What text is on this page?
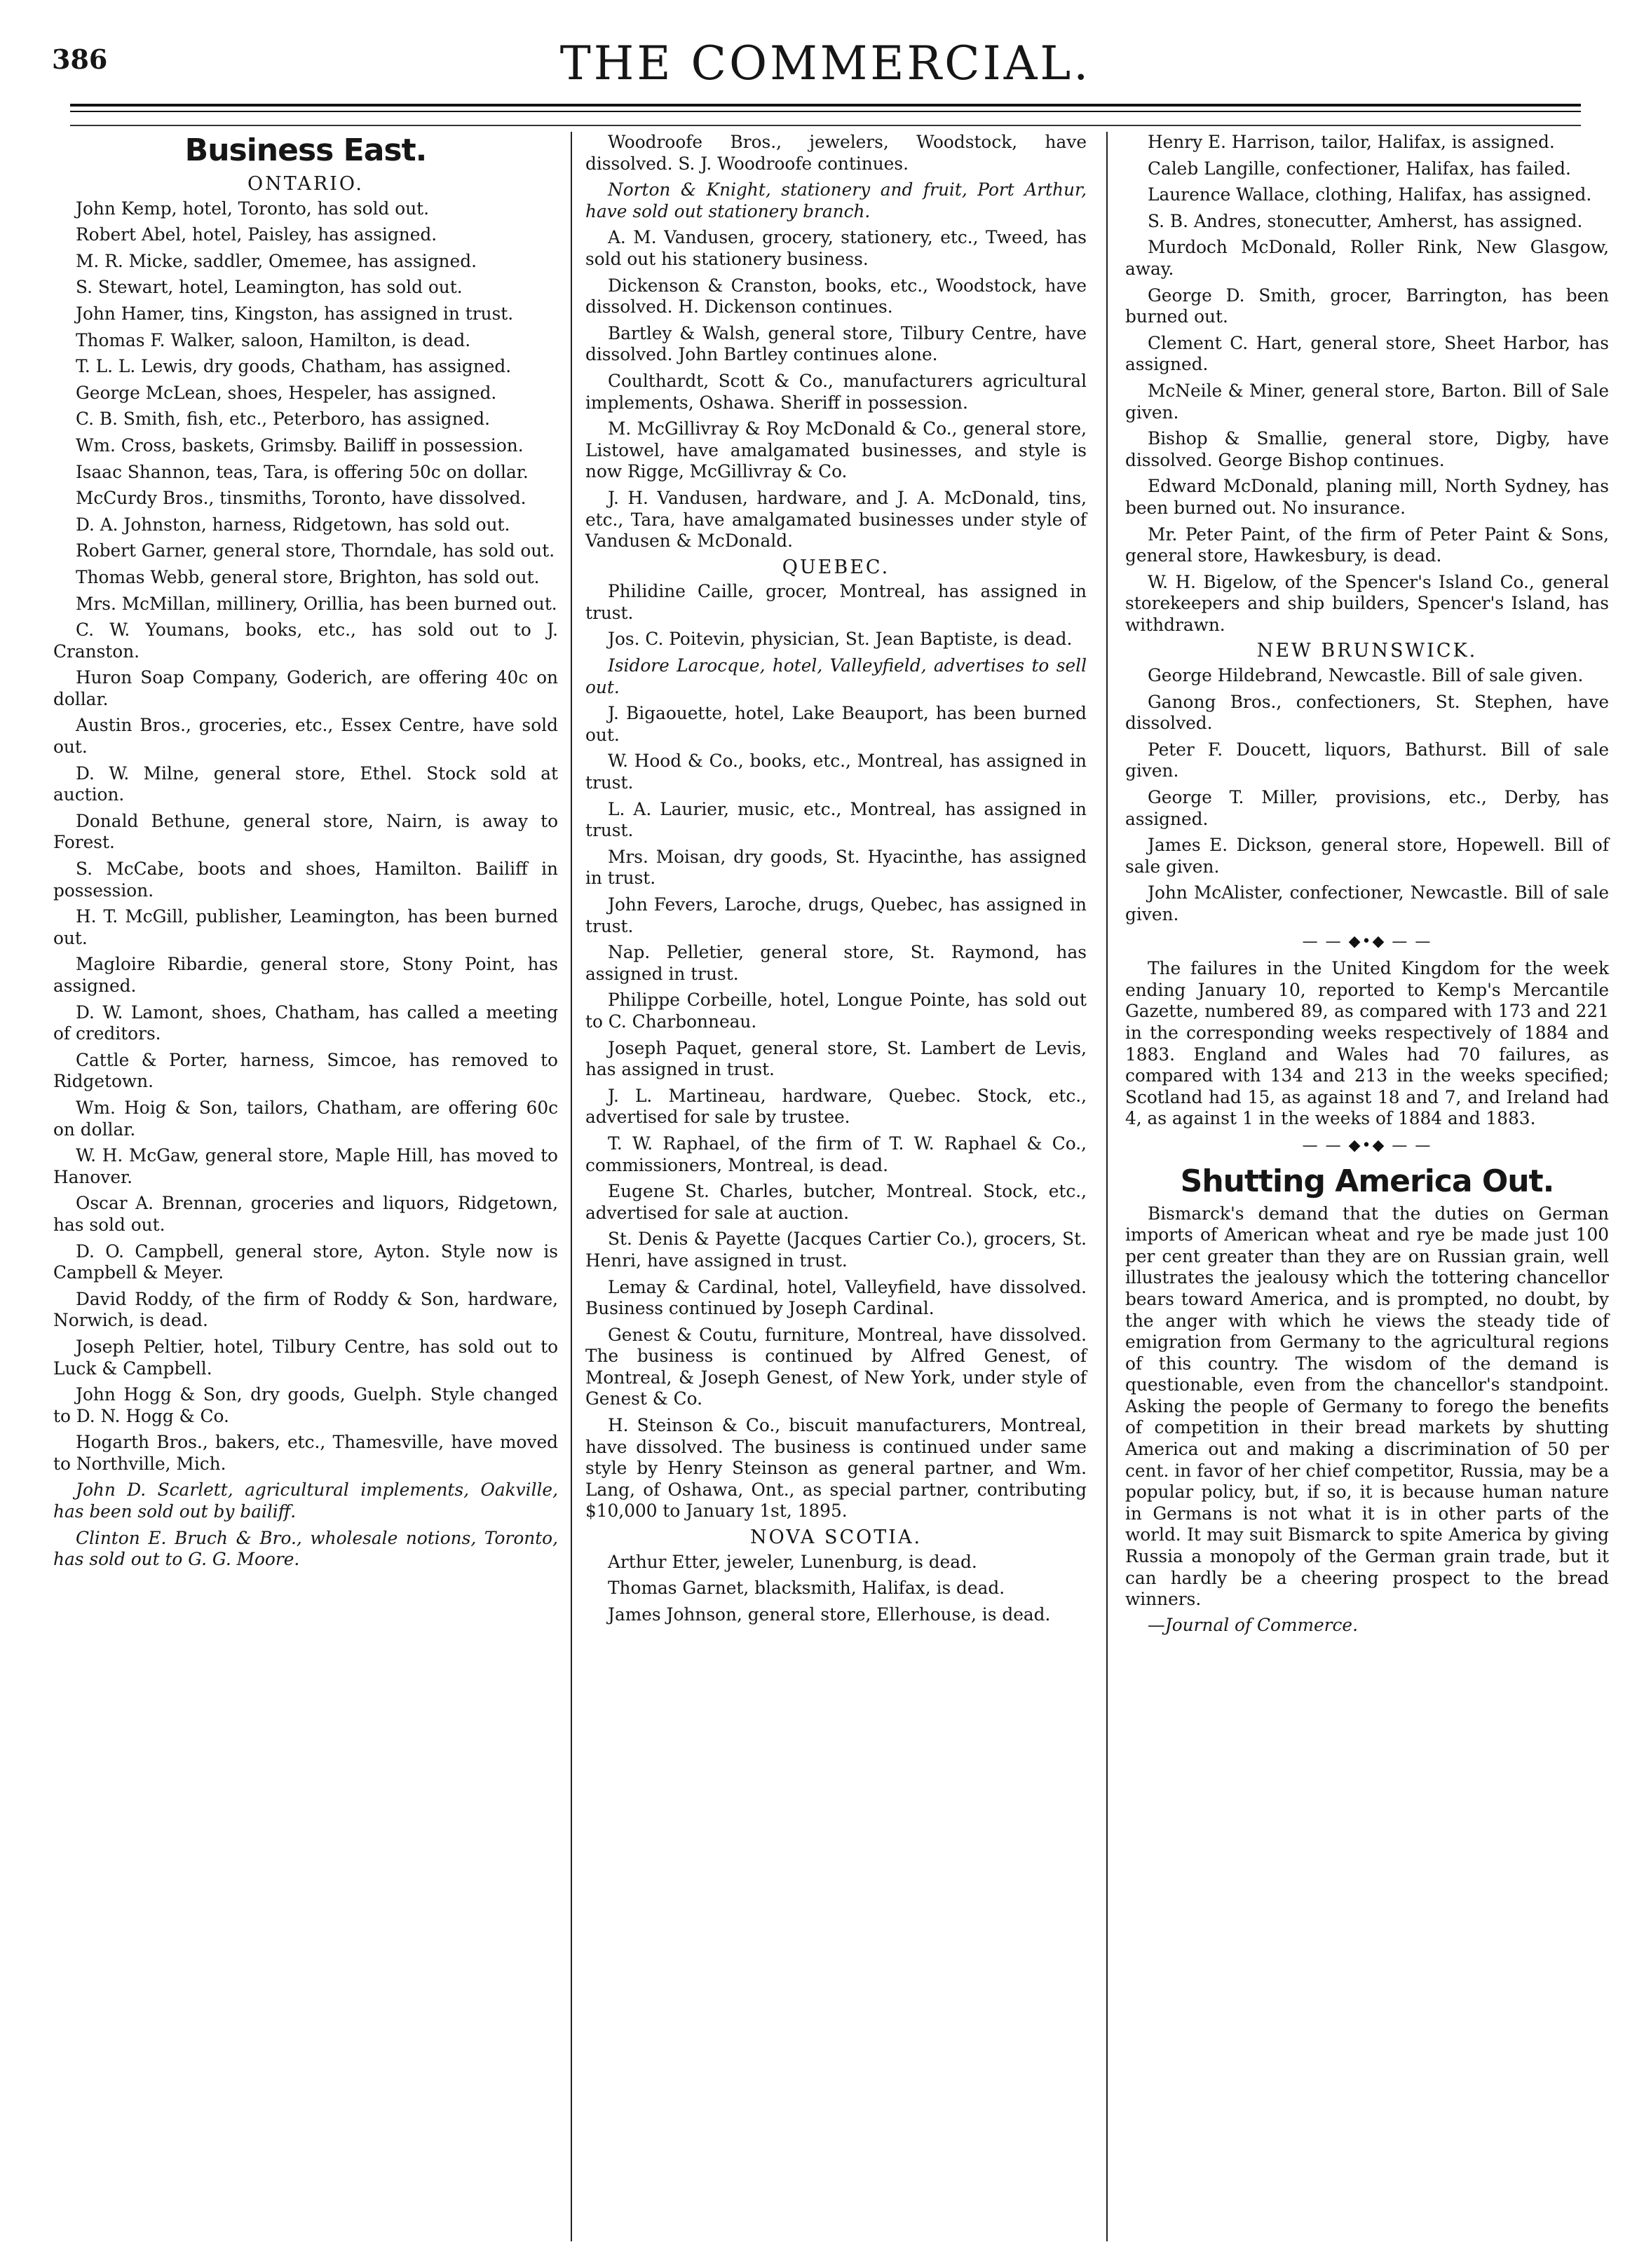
386	THE COMMERCIAL.
Business East.
ONTARIO.

John Kemp, hotel, Toronto, has sold out.

Robert Abel, hotel, Paisley, has assigned.

M. R. Micke, saddler, Omemee, has assigned.

S. Stewart, hotel, Leamington, has sold out.

John Hamer, tins, Kingston, has assigned in trust.

Thomas F. Walker, saloon, Hamilton, is dead.

T. L. L. Lewis, dry goods, Chatham, has assigned.

George McLean, shoes, Hespeler, has assigned.

C. B. Smith, fish, etc., Peterboro, has assigned.

Wm. Cross, baskets, Grimsby. Bailiff in possession.

Isaac Shannon, teas, Tara, is offering 50c on dollar.

McCurdy Bros., tinsmiths, Toronto, have dissolved.

D. A. Johnston, harness, Ridgetown, has sold out.

Robert Garner, general store, Thorndale, has sold out.

Thomas Webb, general store, Brighton, has sold out.

Mrs. McMillan, millinery, Orillia, has been burned out.

C. W. Youmans, books, etc., has sold out to J. Cranston.

Huron Soap Company, Goderich, are offering 40c on dollar.

Austin Bros., groceries, etc., Essex Centre, have sold out.

D. W. Milne, general store, Ethel. Stock sold at auction.

Donald Bethune, general store, Nairn, is away to Forest.

S. McCabe, boots and shoes, Hamilton. Bailiff in possession.

H. T. McGill, publisher, Leamington, has been burned out.

Magloire Ribardie, general store, Stony Point, has assigned.

D. W. Lamont, shoes, Chatham, has called a meeting of creditors.

Cattle & Porter, harness, Simcoe, has removed to Ridgetown.

Wm. Hoig & Son, tailors, Chatham, are offering 60c on dollar.

W. H. McGaw, general store, Maple Hill, has moved to Hanover.

Oscar A. Brennan, groceries and liquors, Ridgetown, has sold out.

D. O. Campbell, general store, Ayton. Style now is Campbell & Meyer.

David Roddy, of the firm of Roddy & Son, hardware, Norwich, is dead.

Joseph Peltier, hotel, Tilbury Centre, has sold out to Luck & Campbell.

John Hogg & Son, dry goods, Guelph. Style changed to D. N. Hogg & Co.

Hogarth Bros., bakers, etc., Thamesville, have moved to Northville, Mich.

John D. Scarlett, agricultural implements, Oakville, has been sold out by bailiff.

Clinton E. Bruch & Bro., wholesale notions, Toronto, has sold out to G. G. Moore.

Woodroofe Bros., jewelers, Woodstock, have dissolved. S. J. Woodroofe continues.

Norton & Knight, stationery and fruit, Port Arthur, have sold out stationery branch.

A. M. Vandusen, grocery, stationery, etc., Tweed, has sold out his stationery business.

Dickenson & Cranston, books, etc., Woodstock, have dissolved. H. Dickenson continues.

Bartley & Walsh, general store, Tilbury Centre, have dissolved. John Bartley continues alone.

Coulthardt, Scott & Co., manufacturers agricultural implements, Oshawa. Sheriff in possession.

M. McGillivray & Roy McDonald & Co., general store, Listowel, have amalgamated businesses, and style is now Rigge, McGillivray & Co.

J. H. Vandusen, hardware, and J. A. McDonald, tins, etc., Tara, have amalgamated businesses under style of Vandusen & McDonald.

QUEBEC.

Philidine Caille, grocer, Montreal, has assigned in trust.

Jos. C. Poitevin, physician, St. Jean Baptiste, is dead.

Isidore Larocque, hotel, Valleyfield, advertises to sell out.

J. Bigaouette, hotel, Lake Beauport, has been burned out.

W. Hood & Co., books, etc., Montreal, has assigned in trust.

L. A. Laurier, music, etc., Montreal, has assigned in trust.

Mrs. Moisan, dry goods, St. Hyacinthe, has assigned in trust.

John Fevers, Laroche, drugs, Quebec, has assigned in trust.

Nap. Pelletier, general store, St. Raymond, has assigned in trust.

Philippe Corbeille, hotel, Longue Pointe, has sold out to C. Charbonneau.

Joseph Paquet, general store, St. Lambert de Levis, has assigned in trust.

J. L. Martineau, hardware, Quebec. Stock, etc., advertised for sale by trustee.

T. W. Raphael, of the firm of T. W. Raphael & Co., commissioners, Montreal, is dead.

Eugene St. Charles, butcher, Montreal. Stock, etc., advertised for sale at auction.

St. Denis & Payette (Jacques Cartier Co.), grocers, St. Henri, have assigned in trust.

Lemay & Cardinal, hotel, Valleyfield, have dissolved. Business continued by Joseph Cardinal.

Genest & Coutu, furniture, Montreal, have dissolved. The business is continued by Alfred Genest, of Montreal, & Joseph Genest, of New York, under style of Genest & Co.

H. Steinson & Co., biscuit manufacturers, Montreal, have dissolved. The business is continued under same style by Henry Steinson as general partner, and Wm. Lang, of Oshawa, Ont., as special partner, contributing $10,000 to January 1st, 1895.

NOVA SCOTIA.

Arthur Etter, jeweler, Lunenburg, is dead.

Thomas Garnet, blacksmith, Halifax, is dead.

James Johnson, general store, Ellerhouse, is dead.

Henry E. Harrison, tailor, Halifax, is assigned.

Caleb Langille, confectioner, Halifax, has failed.

Laurence Wallace, clothing, Halifax, has assigned.

S. B. Andres, stonecutter, Amherst, has assigned.

Murdoch McDonald, Roller Rink, New Glasgow, away.

George D. Smith, grocer, Barrington, has been burned out.

Clement C. Hart, general store, Sheet Harbor, has assigned.

McNeile & Miner, general store, Barton. Bill of Sale given.

Bishop & Smallie, general store, Digby, have dissolved. George Bishop continues.

Edward McDonald, planing mill, North Sydney, has been burned out. No insurance.

Mr. Peter Paint, of the firm of Peter Paint & Sons, general store, Hawkesbury, is dead.

W. H. Bigelow, of the Spencer's Island Co., general storekeepers and ship builders, Spencer's Island, has withdrawn.

NEW BRUNSWICK.

George Hildebrand, Newcastle. Bill of sale given.

Ganong Bros., confectioners, St. Stephen, have dissolved.

Peter F. Doucett, liquors, Bathurst. Bill of sale given.

George T. Miller, provisions, etc., Derby, has assigned.

James E. Dickson, general store, Hopewell. Bill of sale given.

John McAlister, confectioner, Newcastle. Bill of sale given.

— — ◆•◆ — —

The failures in the United Kingdom for the week ending January 10, reported to Kemp's Mercantile Gazette, numbered 89, as compared with 173 and 221 in the corresponding weeks respectively of 1884 and 1883. England and Wales had 70 failures, as compared with 134 and 213 in the weeks specified; Scotland had 15, as against 18 and 7, and Ireland had 4, as against 1 in the weeks of 1884 and 1883.

— — ◆•◆ — —
Shutting America Out.

Bismarck's demand that the duties on German imports of American wheat and rye be made just 100 per cent greater than they are on Russian grain, well illustrates the jealousy which the tottering chancellor bears toward America, and is prompted, no doubt, by the anger with which he views the steady tide of emigration from Germany to the agricultural regions of this country. The wisdom of the demand is questionable, even from the chancellor's standpoint. Asking the people of Germany to forego the benefits of competition in their bread markets by shutting America out and making a discrimination of 50 per cent. in favor of her chief competitor, Russia, may be a popular policy, but, if so, it is because human nature in Germans is not what it is in other parts of the world. It may suit Bismarck to spite America by giving Russia a monopoly of the German grain trade, but it can hardly be a cheering prospect to the bread winners.

—Journal of Commerce.
